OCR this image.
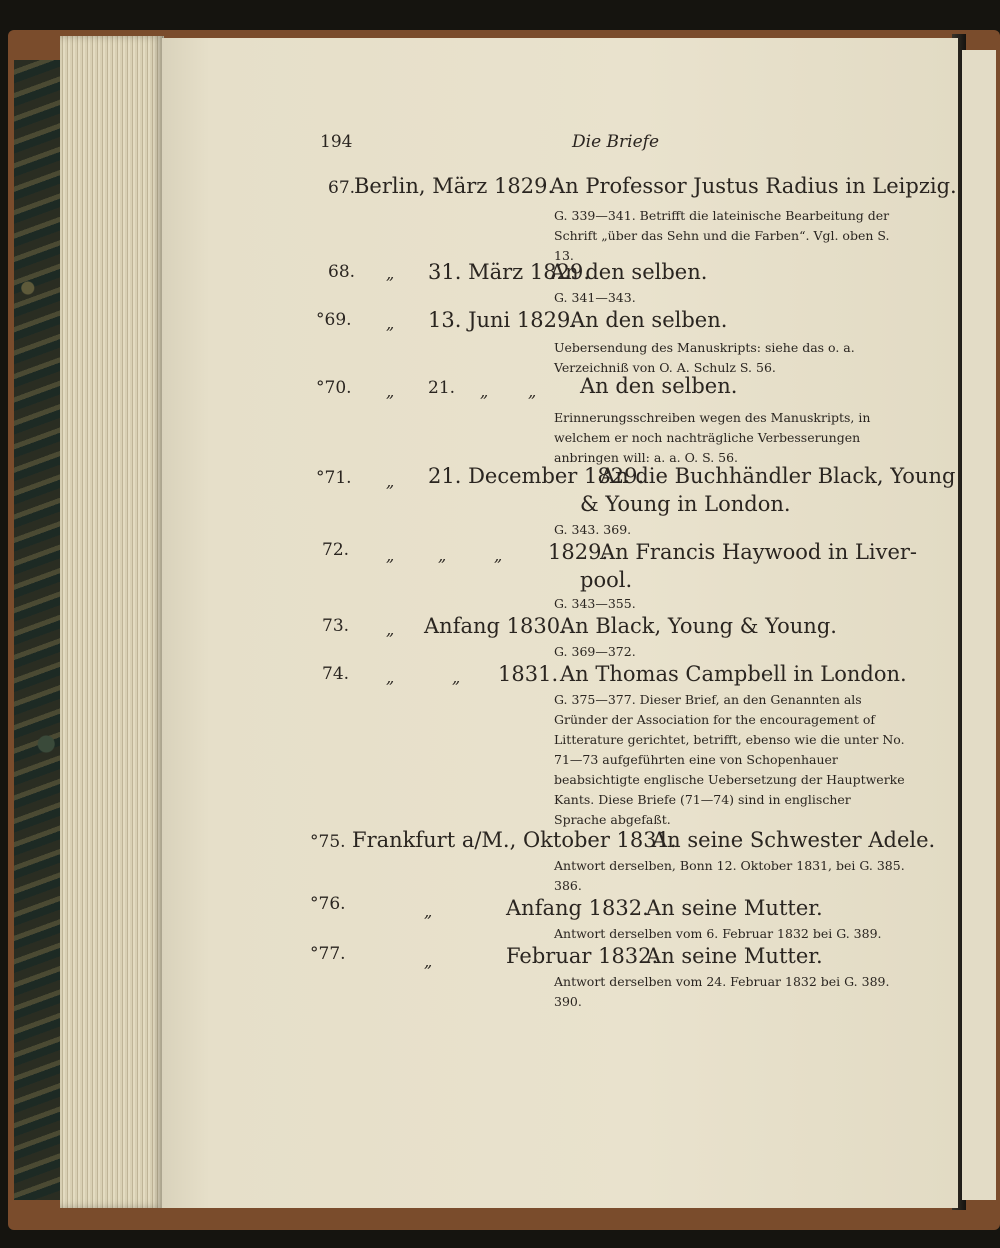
194	Die Briefe
67.
Berlin, März 1829.
An Professor Justus Radius in Leipzig.
G. 339—341. Betrifft die lateinische Bearbeitung der Schrift „über das Sehn und die Farben“. Vgl. oben S. 13.
68. „ 31. März 1829.
An den selben.
G. 341—343.
°69. „ 13. Juni 1829.
An den selben.
Uebersendung des Manuskripts: siehe das o. a. Verzeichniß von O. A. Schulz S. 56.
°70. „ 21. „ „ An den selben.
Erinnerungsschreiben wegen des Manuskripts, in welchem er noch nachträgliche Verbesserungen anbringen will: a. a. O. S. 56.
°71. „ 21. December 1829.
An die Buchhändler Black, Young
& Young in London.
G. 343. 369.
72. „	„	„ 1829.
An Francis Haywood in Liver-
pool.
G. 343—355.
73. „ Anfang 1830.
An Black, Young & Young.
G. 369—372.
74. „	„ 1831. An Thomas Campbell in London.
G. 375—377. Dieser Brief, an den Genannten als Gründer der Association for the encouragement of Litterature gerichtet, betrifft, ebenso wie die unter No. 71—73 aufgeführten eine von Schopenhauer beabsichtigte englische Uebersetzung der Hauptwerke Kants. Diese Briefe (71—74) sind in englischer Sprache abgefaßt.
°75. Frankfurt a/M., Oktober 1831.
An seine Schwester Adele.
Antwort derselben, Bonn 12. Oktober 1831, bei G. 385. 386.
°76.	„	Anfang 1832.
An seine Mutter.
Antwort derselben vom 6. Februar 1832 bei G. 389.
°77.	„	Februar 1832.
An seine Mutter.
Antwort derselben vom 24. Februar 1832 bei G. 389. 390.
